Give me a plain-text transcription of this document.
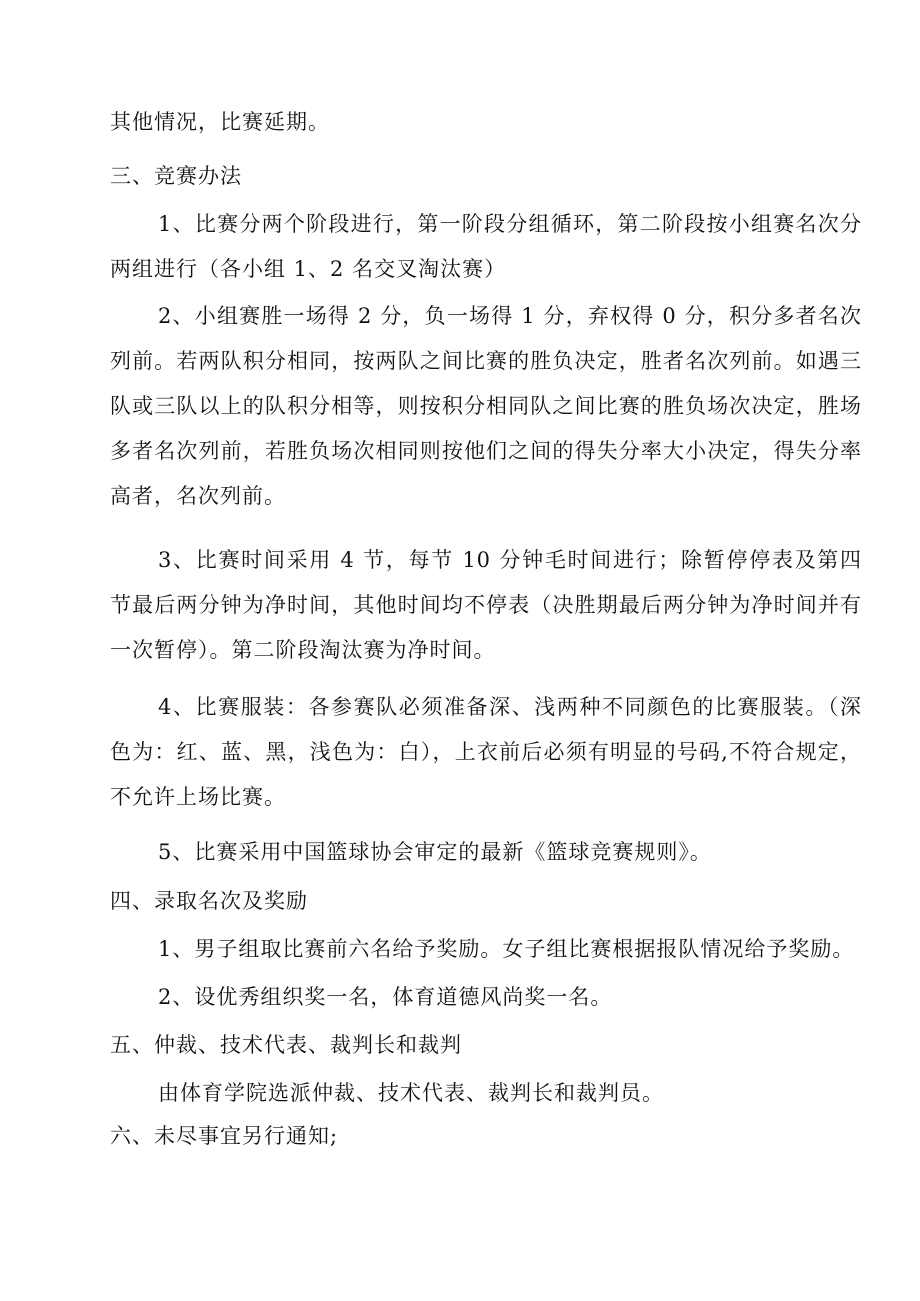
其他情况，比赛延期。

三、竞赛办法

1、比赛分两个阶段进行，第一阶段分组循环，第二阶段按小组赛名次分两组进行（各小组 1、2 名交叉淘汰赛）

2、小组赛胜一场得 2 分，负一场得 1 分，弃权得 0 分，积分多者名次列前。若两队积分相同，按两队之间比赛的胜负决定，胜者名次列前。如遇三队或三队以上的队积分相等，则按积分相同队之间比赛的胜负场次决定，胜场多者名次列前，若胜负场次相同则按他们之间的得失分率大小决定，得失分率高者，名次列前。

3、比赛时间采用 4 节，每节 10 分钟毛时间进行；除暂停停表及第四节最后两分钟为净时间，其他时间均不停表（决胜期最后两分钟为净时间并有一次暂停）。第二阶段淘汰赛为净时间。

4、比赛服装：各参赛队必须准备深、浅两种不同颜色的比赛服装。（深色为：红、蓝、黑，浅色为：白），上衣前后必须有明显的号码,不符合规定，不允许上场比赛。

5、比赛采用中国篮球协会审定的最新《篮球竞赛规则》。

四、录取名次及奖励

1、男子组取比赛前六名给予奖励。女子组比赛根据报队情况给予奖励。

2、设优秀组织奖一名，体育道德风尚奖一名。

五、仲裁、技术代表、裁判长和裁判

由体育学院选派仲裁、技术代表、裁判长和裁判员。

六、未尽事宜另行通知;
